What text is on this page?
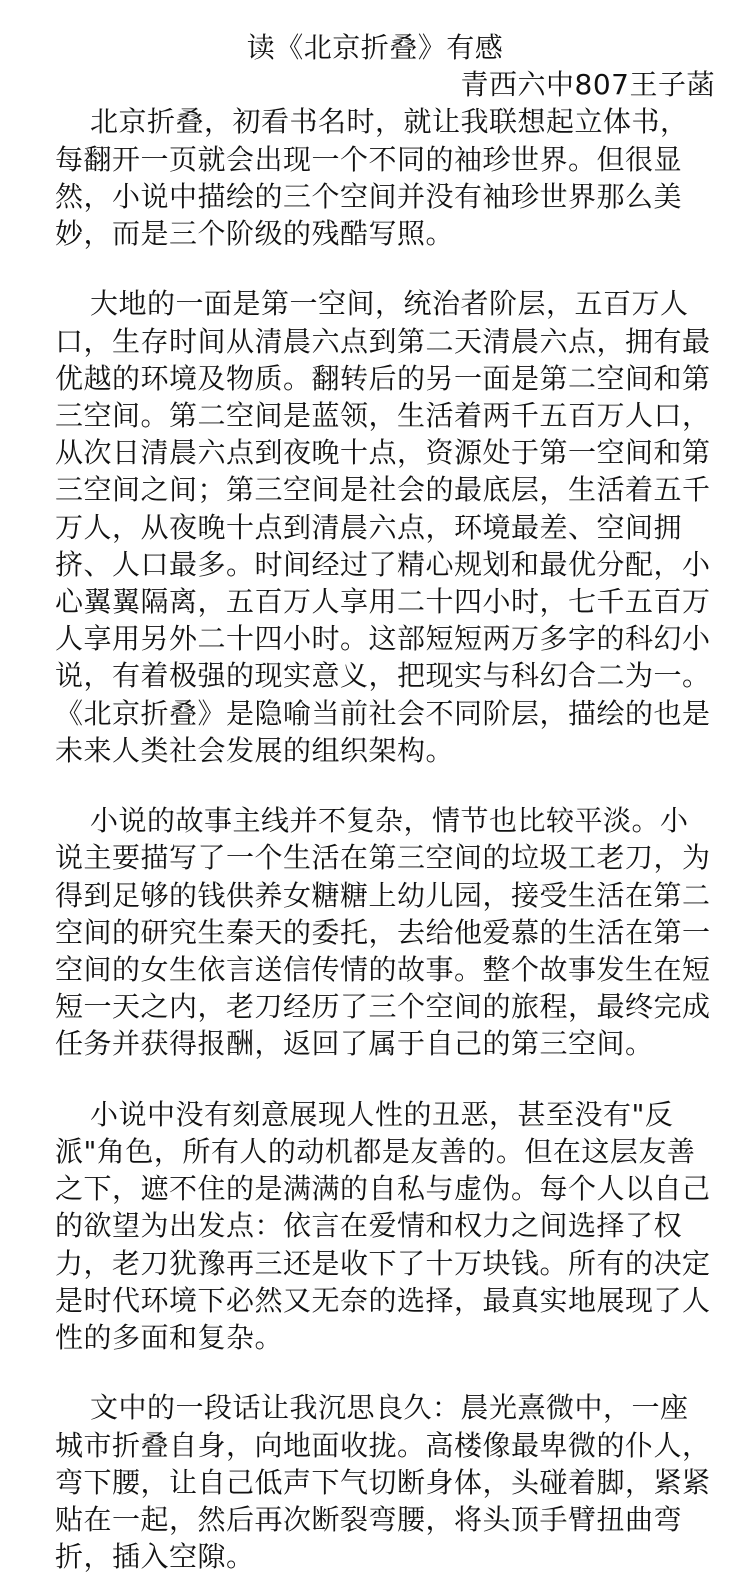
读《北京折叠》有感
青西六中807王子菡
北京折叠，初看书名时，就让我联想起立体书，
每翻开一页就会出现一个不同的袖珍世界。但很显
然，小说中描绘的三个空间并没有袖珍世界那么美
妙，而是三个阶级的残酷写照。
大地的一面是第一空间，统治者阶层，五百万人
口，生存时间从清晨六点到第二天清晨六点，拥有最
优越的环境及物质。翻转后的另一面是第二空间和第
三空间。第二空间是蓝领，生活着两千五百万人口，
从次日清晨六点到夜晚十点，资源处于第一空间和第
三空间之间；第三空间是社会的最底层，生活着五千
万人，从夜晚十点到清晨六点，环境最差、空间拥
挤、人口最多。时间经过了精心规划和最优分配，小
心翼翼隔离，五百万人享用二十四小时，七千五百万
人享用另外二十四小时。这部短短两万多字的科幻小
说，有着极强的现实意义，把现实与科幻合二为一。
《北京折叠》是隐喻当前社会不同阶层，描绘的也是
未来人类社会发展的组织架构。
小说的故事主线并不复杂，情节也比较平淡。小
说主要描写了一个生活在第三空间的垃圾工老刀，为
得到足够的钱供养女糖糖上幼儿园，接受生活在第二
空间的研究生秦天的委托，去给他爱慕的生活在第一
空间的女生依言送信传情的故事。整个故事发生在短
短一天之内，老刀经历了三个空间的旅程，最终完成
任务并获得报酬，返回了属于自己的第三空间。
小说中没有刻意展现人性的丑恶，甚至没有"反
派"角色，所有人的动机都是友善的。但在这层友善
之下，遮不住的是满满的自私与虚伪。每个人以自己
的欲望为出发点：依言在爱情和权力之间选择了权
力，老刀犹豫再三还是收下了十万块钱。所有的决定
是时代环境下必然又无奈的选择，最真实地展现了人
性的多面和复杂。
文中的一段话让我沉思良久：晨光熹微中，一座
城市折叠自身，向地面收拢。高楼像最卑微的仆人，
弯下腰，让自己低声下气切断身体，头碰着脚，紧紧
贴在一起，然后再次断裂弯腰，将头顶手臂扭曲弯
折，插入空隙。
